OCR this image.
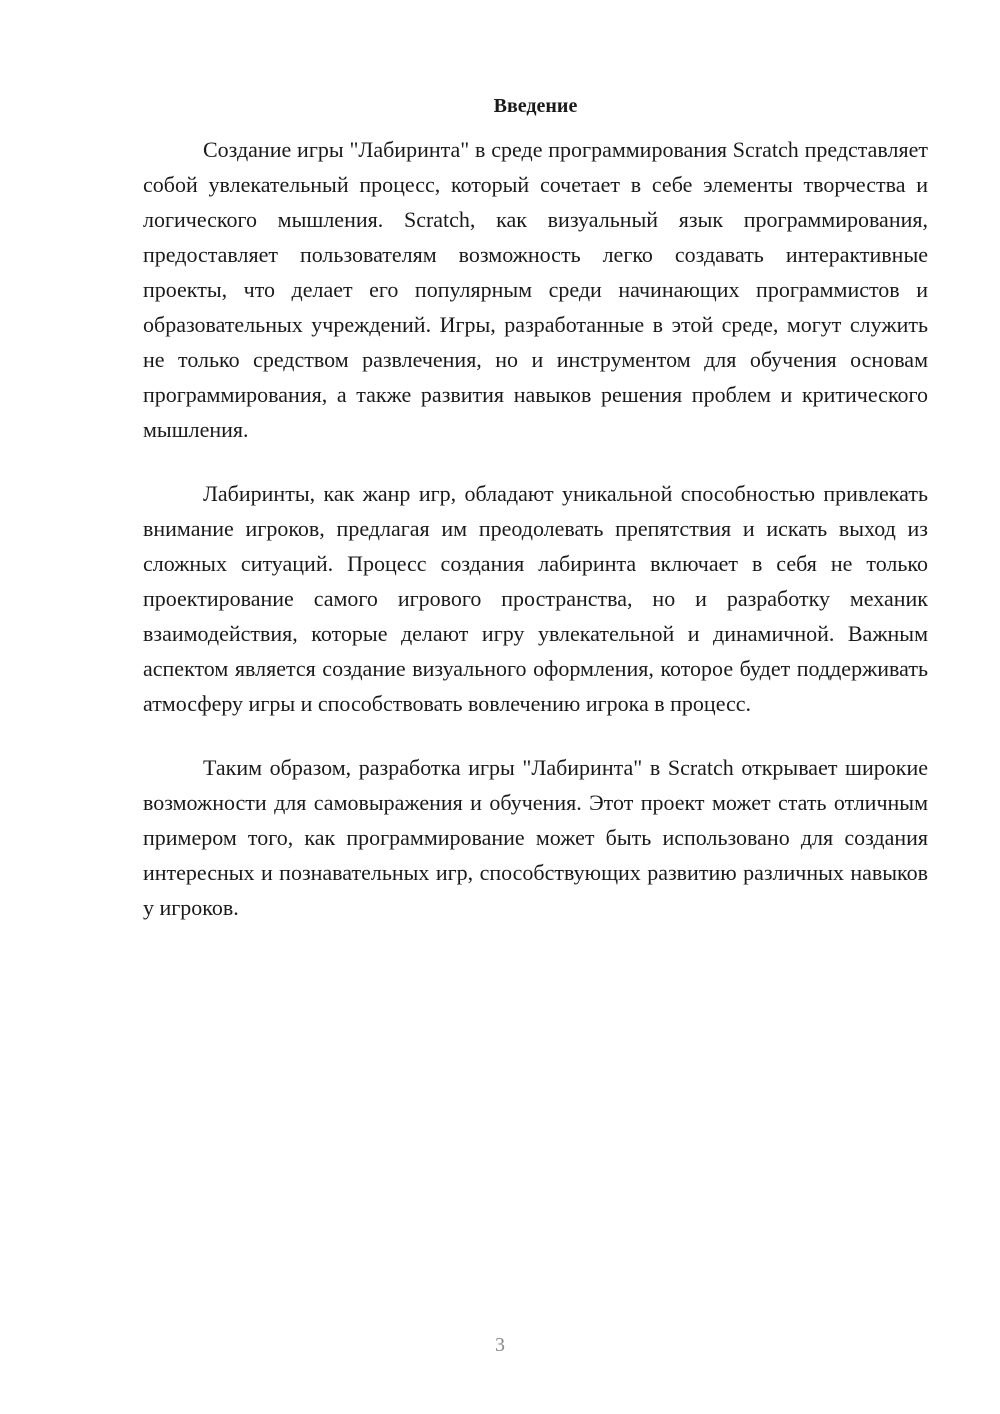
Введение

Создание игры "Лабиринта" в среде программирования Scratch представляет собой увлекательный процесс, который сочетает в себе элементы творчества и логического мышления. Scratch, как визуальный язык программирования, предоставляет пользователям возможность легко создавать интерактивные проекты, что делает его популярным среди начинающих программистов и образовательных учреждений. Игры, разработанные в этой среде, могут служить не только средством развлечения, но и инструментом для обучения основам программирования, а также развития навыков решения проблем и критического мышления.

Лабиринты, как жанр игр, обладают уникальной способностью привлекать внимание игроков, предлагая им преодолевать препятствия и искать выход из сложных ситуаций. Процесс создания лабиринта включает в себя не только проектирование самого игрового пространства, но и разработку механик взаимодействия, которые делают игру увлекательной и динамичной. Важным аспектом является создание визуального оформления, которое будет поддерживать атмосферу игры и способствовать вовлечению игрока в процесс.

Таким образом, разработка игры "Лабиринта" в Scratch открывает широкие возможности для самовыражения и обучения. Этот проект может стать отличным примером того, как программирование может быть использовано для создания интересных и познавательных игр, способствующих развитию различных навыков у игроков.

3
